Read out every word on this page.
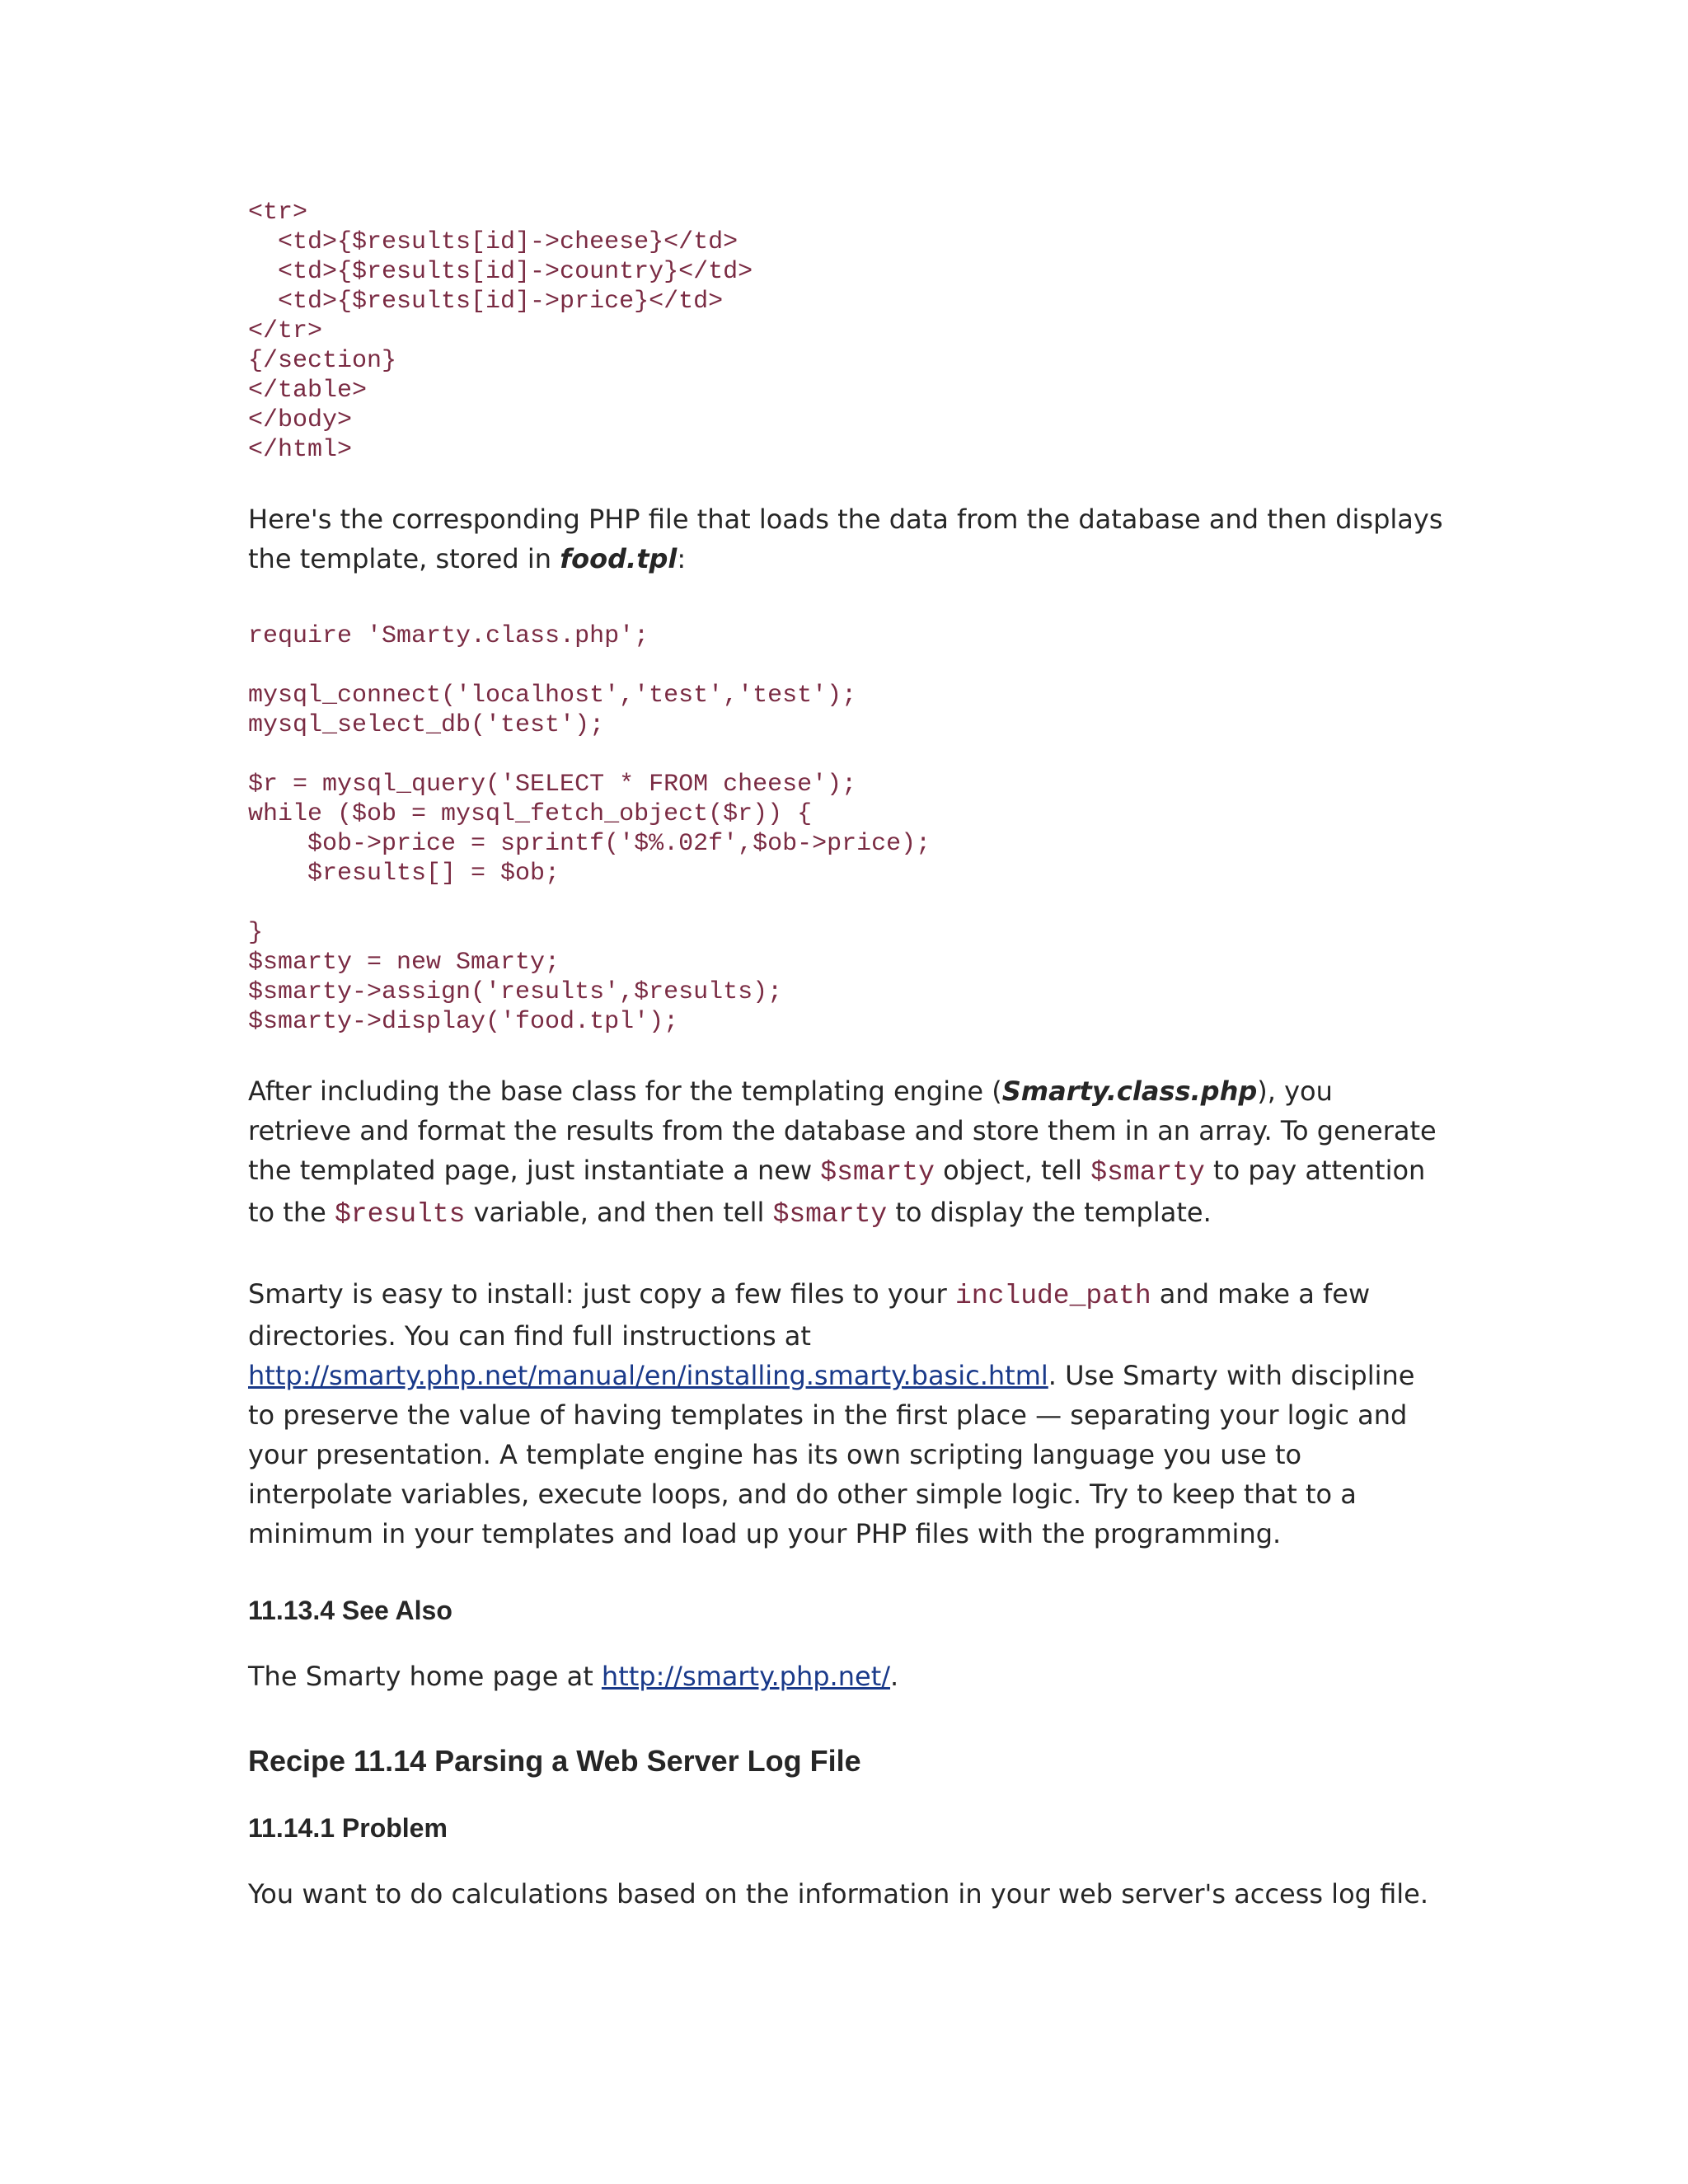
<tr>
<td>{$results[id]->cheese}</td>
<td>{$results[id]->country}</td>
<td>{$results[id]->price}</td>
</tr>
{/section}
</table>
</body>
</html>

Here's the corresponding PHP file that loads the data from the database and then displays the template, stored in food.tpl:

require 'Smarty.class.php';

mysql_connect('localhost','test','test');
mysql_select_db('test');

$r = mysql_query('SELECT * FROM cheese');
while ($ob = mysql_fetch_object($r)) {
$ob->price = sprintf('$%.02f',$ob->price);
$results[] = $ob;

}
$smarty = new Smarty;
$smarty->assign('results',$results);
$smarty->display('food.tpl');

After including the base class for the templating engine (Smarty.class.php), you retrieve and format the results from the database and store them in an array. To generate the templated page, just instantiate a new $smarty object, tell $smarty to pay attention to the $results variable, and then tell $smarty to display the template.

Smarty is easy to install: just copy a few files to your include_path and make a few directories. You can find full instructions at http://smarty.php.net/manual/en/installing.smarty.basic.html. Use Smarty with discipline to preserve the value of having templates in the first place — separating your logic and your presentation. A template engine has its own scripting language you use to interpolate variables, execute loops, and do other simple logic. Try to keep that to a minimum in your templates and load up your PHP files with the programming.

11.13.4 See Also

The Smarty home page at http://smarty.php.net/.

Recipe 11.14 Parsing a Web Server Log File
11.14.1 Problem

You want to do calculations based on the information in your web server's access log file.
